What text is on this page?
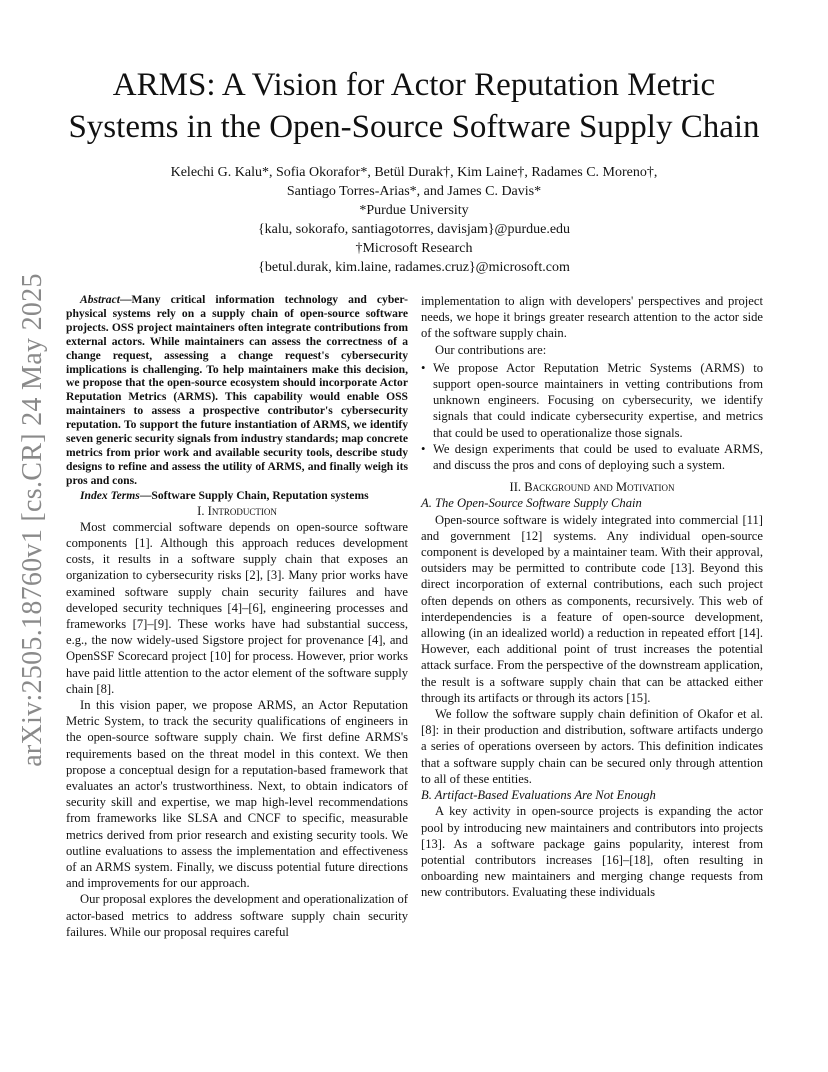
arXiv:2505.18760v1 [cs.CR] 24 May 2025
ARMS: A Vision for Actor Reputation Metric Systems in the Open-Source Software Supply Chain
Kelechi G. Kalu*, Sofia Okorafor*, Betül Durak†, Kim Laine†, Radames C. Moreno†,
Santiago Torres-Arias*, and James C. Davis*
*Purdue University
{kalu, sokorafo, santiagotorres, davisjam}@purdue.edu
†Microsoft Research
{betul.durak, kim.laine, radames.cruz}@microsoft.com

Abstract—Many critical information technology and cyber-physical systems rely on a supply chain of open-source software projects. OSS project maintainers often integrate contributions from external actors. While maintainers can assess the correctness of a change request, assessing a change request's cybersecurity implications is challenging. To help maintainers make this decision, we propose that the open-source ecosystem should incorporate Actor Reputation Metrics (ARMS). This capability would enable OSS maintainers to assess a prospective contributor's cybersecurity reputation. To support the future instantiation of ARMS, we identify seven generic security signals from industry standards; map concrete metrics from prior work and available security tools, describe study designs to refine and assess the utility of ARMS, and finally weigh its pros and cons.

Index Terms—Software Supply Chain, Reputation systems

I. Introduction

Most commercial software depends on open-source software components [1]. Although this approach reduces development costs, it results in a software supply chain that exposes an organization to cybersecurity risks [2], [3]. Many prior works have examined software supply chain security failures and have developed security techniques [4]–[6], engineering processes and frameworks [7]–[9]. These works have had substantial success, e.g., the now widely-used Sigstore project for provenance [4], and OpenSSF Scorecard project [10] for process. However, prior works have paid little attention to the actor element of the software supply chain [8].

In this vision paper, we propose ARMS, an Actor Reputation Metric System, to track the security qualifications of engineers in the open-source software supply chain. We first define ARMS's requirements based on the threat model in this context. We then propose a conceptual design for a reputation-based framework that evaluates an actor's trustworthiness. Next, to obtain indicators of security skill and expertise, we map high-level recommendations from frameworks like SLSA and CNCF to specific, measurable metrics derived from prior research and existing security tools. We outline evaluations to assess the implementation and effectiveness of an ARMS system. Finally, we discuss potential future directions and improvements for our approach.

Our proposal explores the development and operationalization of actor-based metrics to address software supply chain security failures. While our proposal requires careful

implementation to align with developers' perspectives and project needs, we hope it brings greater research attention to the actor side of the software supply chain.

Our contributions are:

• We propose Actor Reputation Metric Systems (ARMS) to support open-source maintainers in vetting contributions from unknown engineers. Focusing on cybersecurity, we identify signals that could indicate cybersecurity expertise, and metrics that could be used to operationalize those signals.
• We design experiments that could be used to evaluate ARMS, and discuss the pros and cons of deploying such a system.

II. Background and Motivation

A. The Open-Source Software Supply Chain

Open-source software is widely integrated into commercial [11] and government [12] systems. Any individual open-source component is developed by a maintainer team. With their approval, outsiders may be permitted to contribute code [13]. Beyond this direct incorporation of external contributions, each such project often depends on others as components, recursively. This web of interdependencies is a feature of open-source development, allowing (in an idealized world) a reduction in repeated effort [14]. However, each additional point of trust increases the potential attack surface. From the perspective of the downstream application, the result is a software supply chain that can be attacked either through its artifacts or through its actors [15].

We follow the software supply chain definition of Okafor et al. [8]: in their production and distribution, software artifacts undergo a series of operations overseen by actors. This definition indicates that a software supply chain can be secured only through attention to all of these entities.

B. Artifact-Based Evaluations Are Not Enough

A key activity in open-source projects is expanding the actor pool by introducing new maintainers and contributors into projects [13]. As a software package gains popularity, interest from potential contributors increases [16]–[18], often resulting in onboarding new maintainers and merging change requests from new contributors. Evaluating these individuals
